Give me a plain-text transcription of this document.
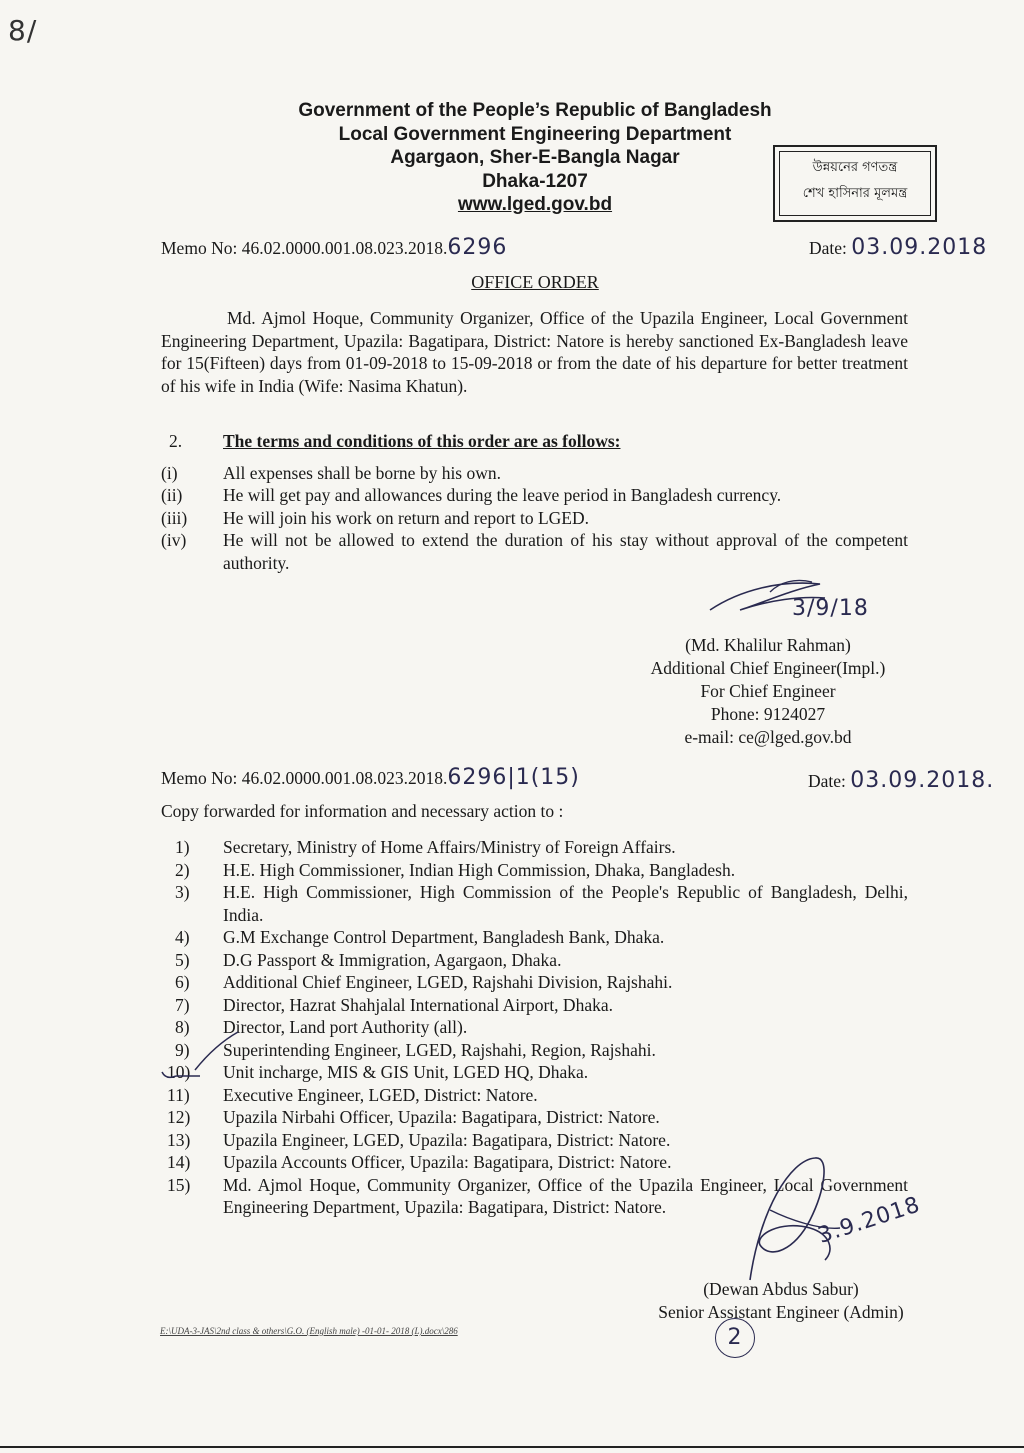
8/
Government of the People’s Republic of Bangladesh
Local Government Engineering Department
Agargaon, Sher-E-Bangla Nagar
Dhaka-1207
www.lged.gov.bd
উন্নয়নের গণতন্ত্র
শেখ হাসিনার মূলমন্ত্র
Memo No: 46.02.0000.001.08.023.2018.6296	Date: 03.09.2018
OFFICE ORDER
Md. Ajmol Hoque, Community Organizer, Office of the Upazila Engineer, Local Government Engineering Department, Upazila: Bagatipara, District: Natore is hereby sanctioned Ex-Bangladesh leave for 15(Fifteen) days from 01-09-2018 to 15-09-2018 or from the date of his departure for better treatment of his wife in India (Wife: Nasima Khatun).
2.	The terms and conditions of this order are as follows:
(i)	All expenses shall be borne by his own.
(ii)	He will get pay and allowances during the leave period in Bangladesh currency.
(iii)	He will join his work on return and report to LGED.
(iv)	He will not be allowed to extend the duration of his stay without approval of the competent authority.
3/9/18
(Md. Khalilur Rahman)
Additional Chief Engineer(Impl.)
For Chief Engineer
Phone: 9124027
e-mail: ce@lged.gov.bd
Memo No: 46.02.0000.001.08.023.2018.6296|1(15)	Date: 03.09.2018.
Copy forwarded for information and necessary action to :
1)	Secretary, Ministry of Home Affairs/Ministry of Foreign Affairs.
2)	H.E. High Commissioner, Indian High Commission, Dhaka, Bangladesh.
3)	H.E. High Commissioner, High Commission of the People's Republic of Bangladesh, Delhi, India.
4)	G.M Exchange Control Department, Bangladesh Bank, Dhaka.
5)	D.G Passport & Immigration, Agargaon, Dhaka.
6)	Additional Chief Engineer, LGED, Rajshahi Division, Rajshahi.
7)	Director, Hazrat Shahjalal International Airport, Dhaka.
8)	Director, Land port Authority (all).
9)	Superintending Engineer, LGED, Rajshahi, Region, Rajshahi.
10)	Unit incharge, MIS & GIS Unit, LGED HQ, Dhaka.
11)	Executive Engineer, LGED, District: Natore.
12)	Upazila Nirbahi Officer, Upazila: Bagatipara, District: Natore.
13)	Upazila Engineer, LGED, Upazila: Bagatipara, District: Natore.
14)	Upazila Accounts Officer, Upazila: Bagatipara, District: Natore.
15)	Md. Ajmol Hoque, Community Organizer, Office of the Upazila Engineer, Local Government Engineering Department, Upazila: Bagatipara, District: Natore.	3.9.2018
(Dewan Abdus Sabur)
Senior Assistant Engineer (Admin)
2
E:\UDA-3-JAS\2nd class & others\G.O. (English male) -01-01- 2018 (L).docx\286
